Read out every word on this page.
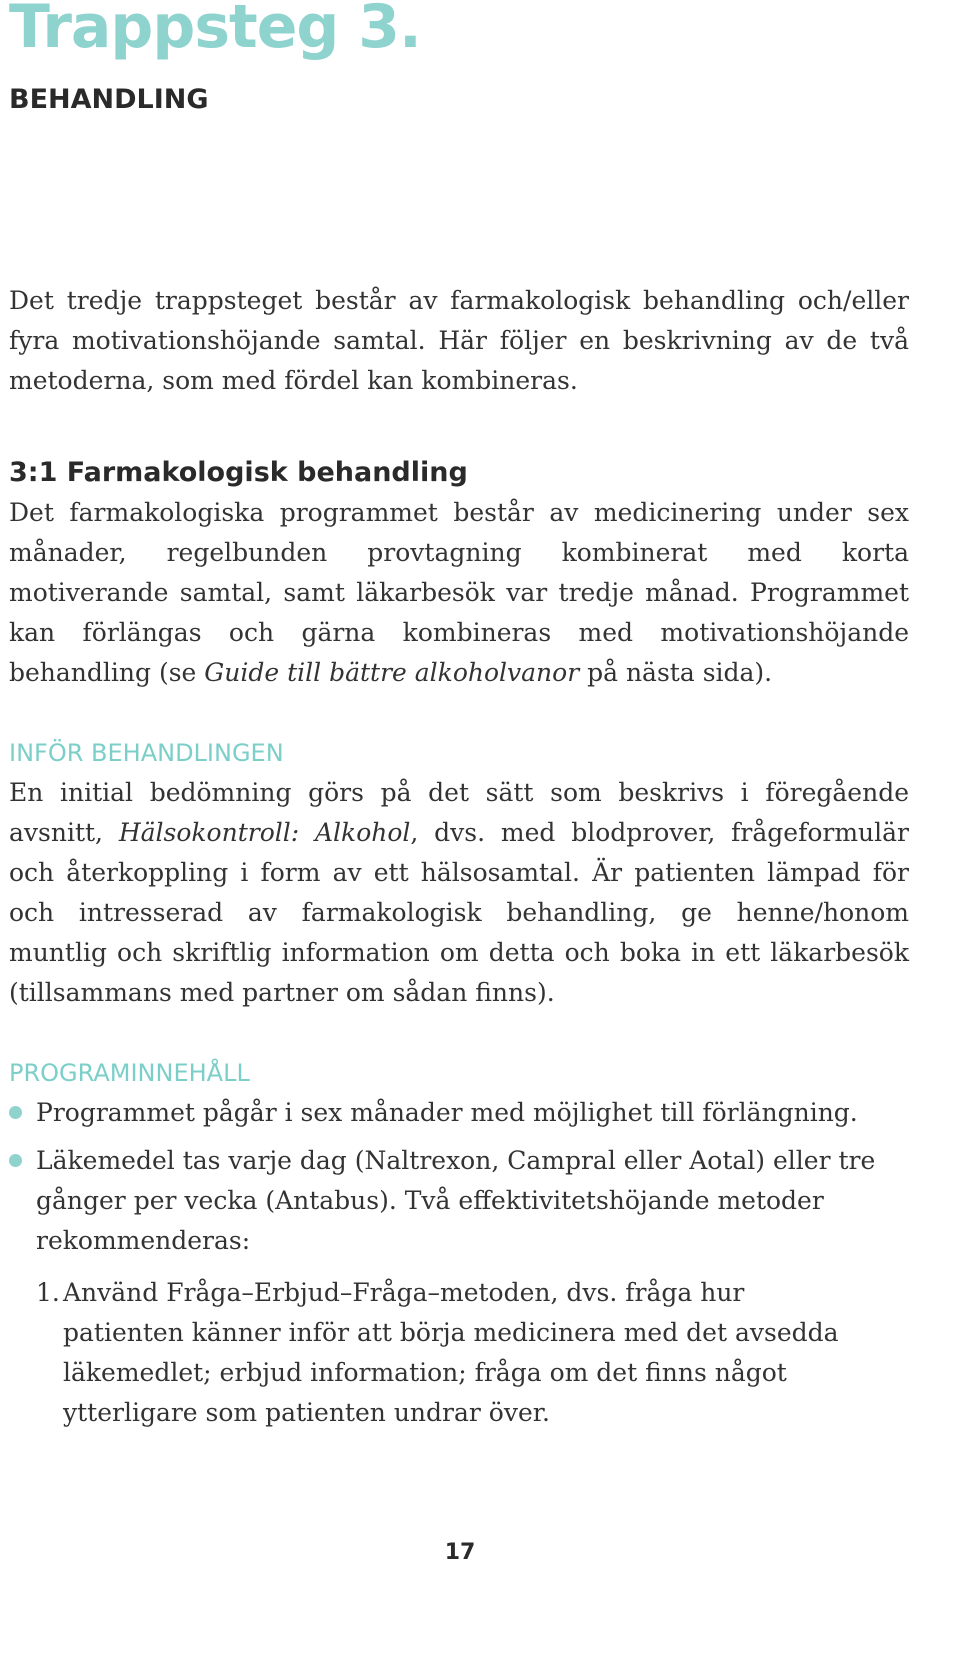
Trappsteg 3.
BEHANDLING

Det tredje trappsteget består av farmakologisk behandling och/eller fyra motivationshöjande samtal. Här följer en beskrivning av de två metoderna, som med fördel kan kombineras.

3:1 Farmakologisk behandling

Det farmakologiska programmet består av medicinering under sex månader, regelbunden provtagning kombinerat med korta motiverande samtal, samt läkarbesök var tredje månad. Programmet kan förlängas och gärna kombineras med motivationshöjande behandling (se Guide till bättre alkoholvanor på nästa sida).

INFÖR BEHANDLINGEN

En initial bedömning görs på det sätt som beskrivs i föregående avsnitt, Hälsokontroll: Alkohol, dvs. med blodprover, frågeformulär och återkoppling i form av ett hälsosamtal. Är patienten lämpad för och intresserad av farmakologisk behandling, ge henne/honom muntlig och skriftlig information om detta och boka in ett läkarbesök (tillsammans med partner om sådan finns).

PROGRAMINNEHÅLL
Programmet pågår i sex månader med möjlighet till förlängning.
Läkemedel tas varje dag (Naltrexon, Campral eller Aotal) eller tre gånger per vecka (Antabus). Två effektivitetshöjande metoder rekommenderas:
1. Använd Fråga–Erbjud–Fråga–metoden, dvs. fråga hur patienten känner inför att börja medicinera med det avsedda läkemedlet; erbjud information; fråga om det finns något ytterligare som patienten undrar över.
17
